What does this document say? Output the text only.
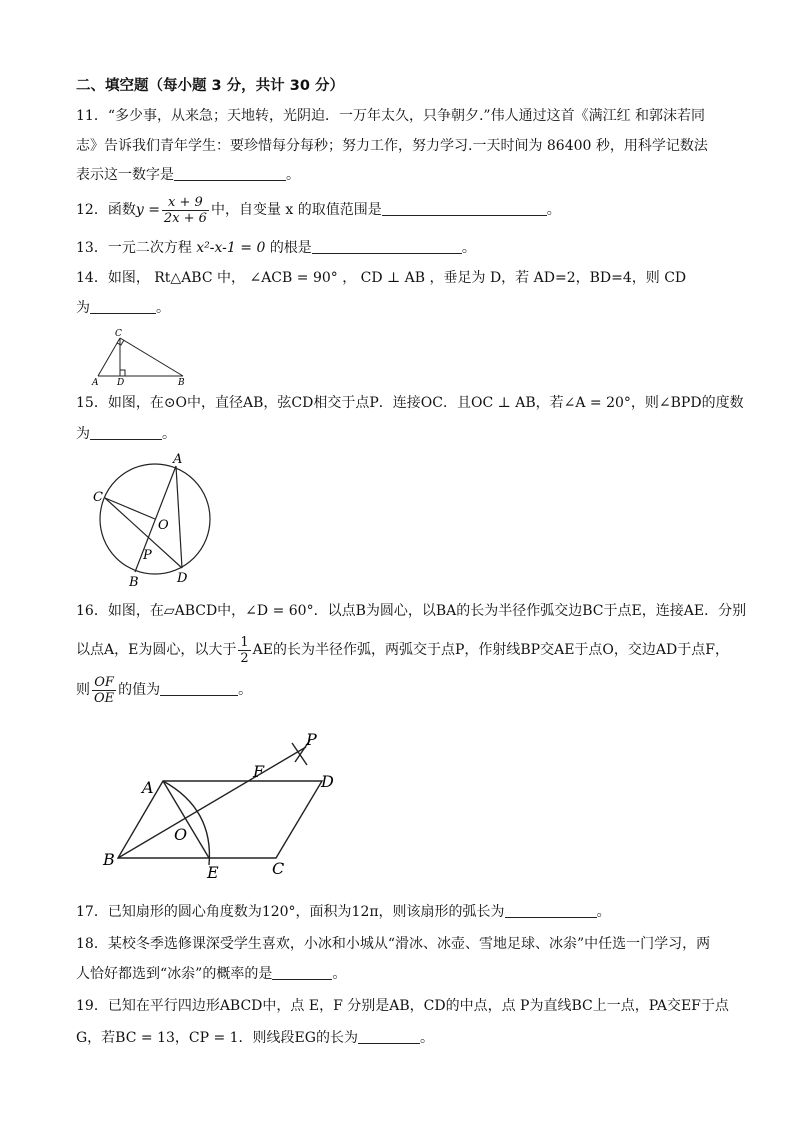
二、填空题（每小题 3 分，共计 30 分）
11．“多少事，从来急；天地转，光阴迫．一万年太久，只争朝夕.”伟人通过这首《满江红 和郭沫若同
志》告诉我们青年学生：要珍惜每分每秒；努力工作，努力学习.一天时间为 86400 秒，用科学记数法
表示这一数字是	。
12．函数$y = \frac{x + 9}{2x + 6}$ 中，自变量 x 的取值范围是	。
13．一元二次方程 x²-x-1 = 0 的根是	。
14．如图， Rt△ABC 中， ∠ACB = 90° ， CD ⊥ AB ，垂足为 D，若 AD=2，BD=4，则 CD
为	。
C
A D	B
15．如图，在⊙O中，直径AB，弦CD相交于点P．连接OC．且OC ⊥ AB，若∠A = 20°，则∠BPD的度数
为	。
A
C
O
P
B	D
16．如图，在▱ABCD中，∠D = 60°．以点B为圆心，以BA的长为半径作弧交边BC于点E，连接AE．分别
以点A，E为圆心，以大于 $\frac{1}{2}$ AE的长为半径作弧，两弧交于点P，作射线BP交AE于点O，交边AD于点F，
则 $\frac{OF}{OE}$ 的值为	。
P
F
D
A
O
B
E	C
17．已知扇形的圆心角度数为120°，面积为12π，则该扇形的弧长为	。
18．某校冬季选修课深受学生喜欢，小冰和小城从“滑冰、冰壶、雪地足球、冰尜”中任选一门学习，两
人恰好都选到“冰尜”的概率的是	。
19．已知在平行四边形ABCD中，点 E，F 分别是AB，CD的中点，点 P为直线BC上一点，PA交EF于点
G，若BC = 13，CP = 1．则线段EG的长为	。
